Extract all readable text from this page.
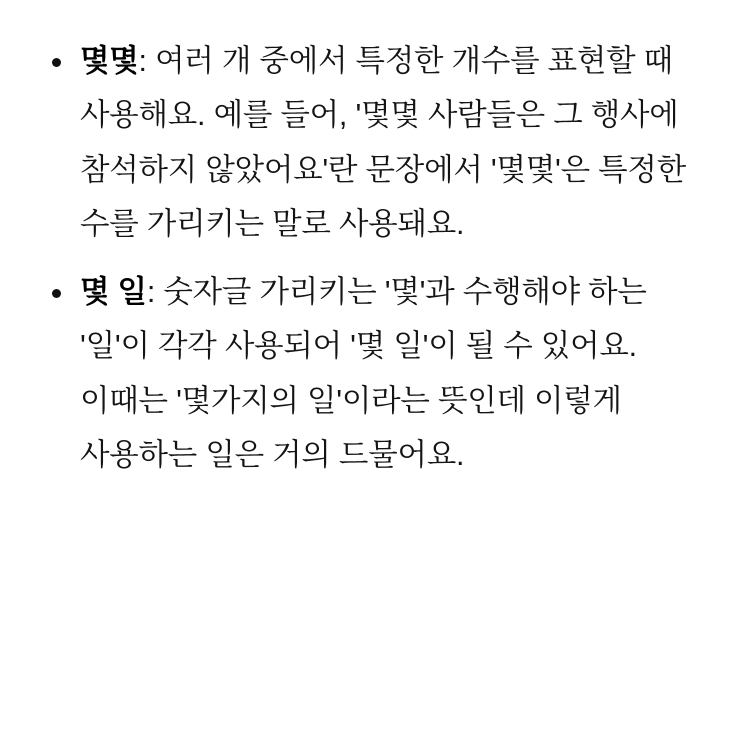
몇몇: 여러 개 중에서 특정한 개수를 표현할 때 사용해요. 예를 들어, '몇몇 사람들은 그 행사에 참석하지 않았어요'란 문장에서 '몇몇'은 특정한 수를 가리키는 말로 사용돼요.
몇 일: 숫자글 가리키는 '몇'과 수행해야 하는 '일'이 각각 사용되어 '몇 일'이 될 수 있어요. 이때는 '몇가지의 일'이라는 뜻인데 이렇게 사용하는 일은 거의 드물어요.
